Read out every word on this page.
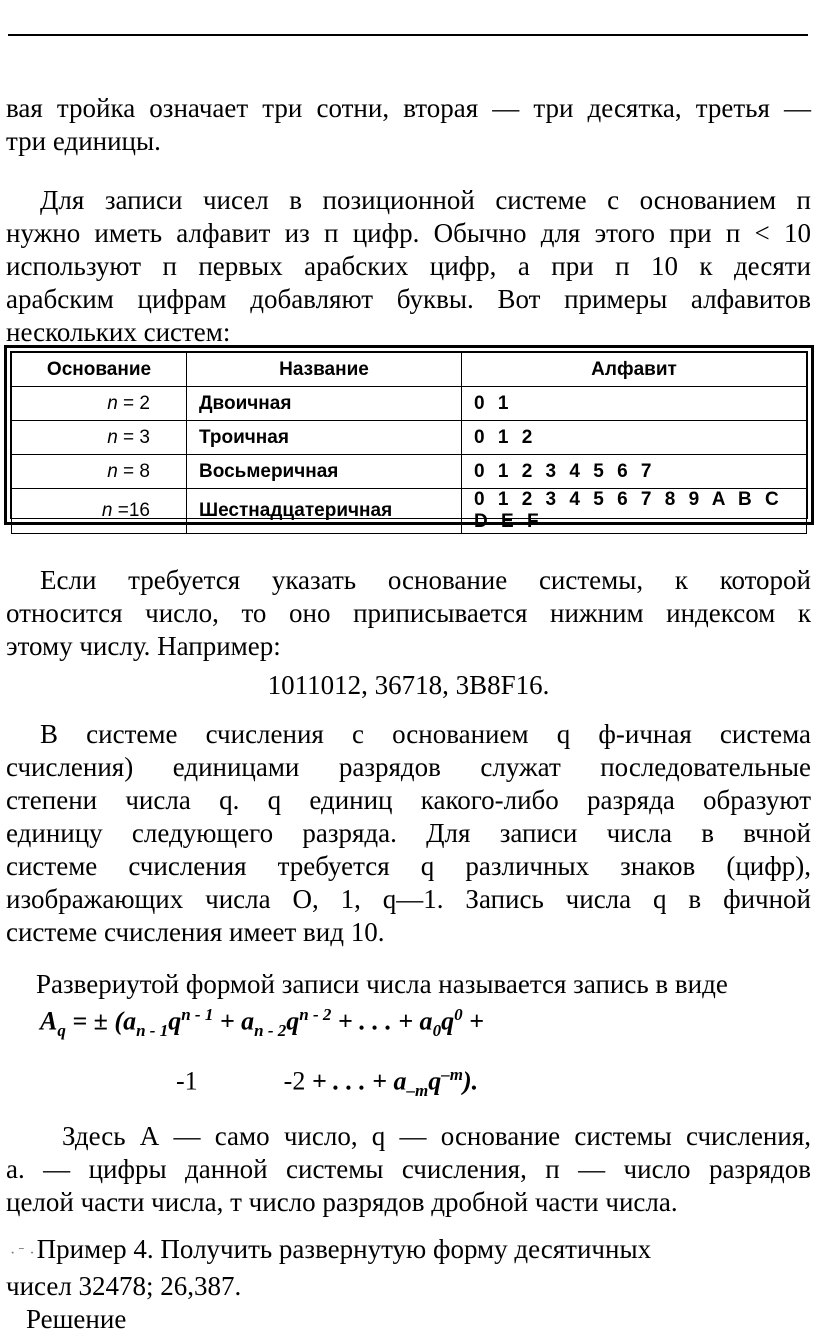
вая тройка означает три сотни, вторая — три десятка, третья —
три единицы.
Для записи чисел в позиционной системе с основанием п
нужно иметь алфавит из п цифр. Обычно для этого при п < 10
используют п первых арабских цифр, а при п 10 к десяти
арабским цифрам добавляют буквы. Вот примеры алфавитов
нескольких систем:
Основание	Название	Алфавит
n = 2	Двоичная	0 1
n = 3	Троичная	0 1 2
n = 8	Восьмеричная	0 1 2 3 4 5 6 7
n =16	Шестнадцатеричная	0 1 2 3 4 5 6 7 8 9 A B C D E F
Если требуется указать основание системы, к которой
относится число, то оно приписывается нижним индексом к
этому числу. Например:
1011012, 36718, 3B8F16.
В системе счисления с основанием q ф-ичная система
счисления) единицами разрядов служат последовательные
степени числа q. q единиц какого-либо разряда образуют
единицу следующего разряда. Для записи числа в вчной
системе счисления требуется q различных знаков (цифр),
изображающих числа О, 1, q—1. Запись числа q в фичной
системе счисления имеет вид 10.
Развериутой формой записи числа называется запись в виде
$A_q$ = ± ($a_{n - 1}q^{n - 1} + a_{n - 2}q^{n - 2}$ + . . . + $a_0q^0$ +
-1	-2 + . . . + $a_{-m}q^{-m}$).
Здесь А — само число, q — основание системы счисления,
а. — цифры данной системы счисления, п — число разрядов
целой части числа, т число разрядов дробной части числа.
· ̄ ·Пример 4. Получить развернутую форму десятичных
чисел 32478; 26,387.
Решение
